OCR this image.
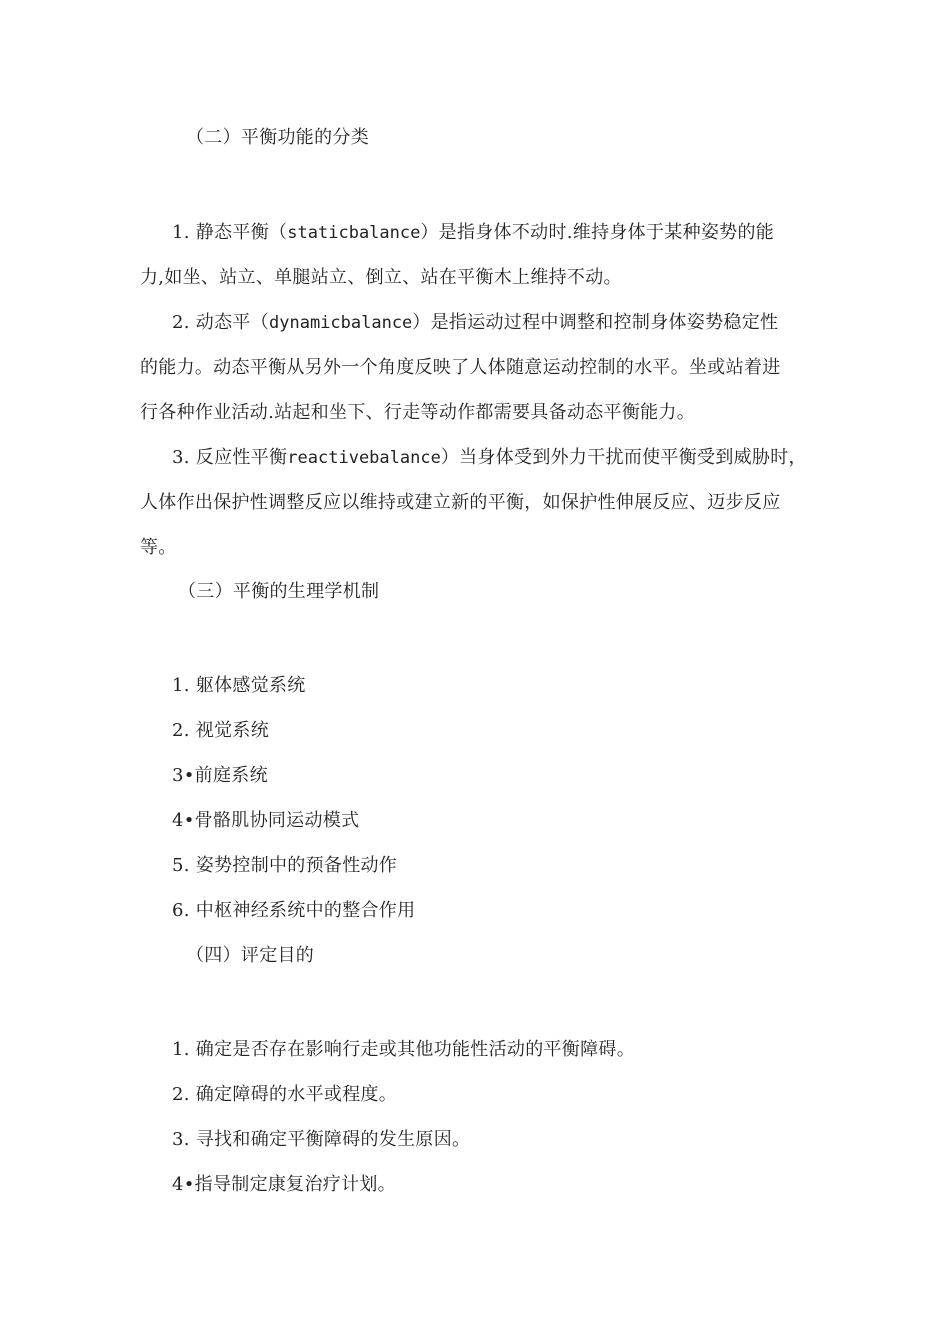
（二）平衡功能的分类
1. 静态平衡（staticbalance）是指身体不动时.维持身体于某种姿势的能
力,如坐、站立、单腿站立、倒立、站在平衡木上维持不动。
2. 动态平（dynamicbalance）是指运动过程中调整和控制身体姿势稳定性
的能力。动态平衡从另外一个角度反映了人体随意运动控制的水平。坐或站着进
行各种作业活动.站起和坐下、行走等动作都需要具备动态平衡能力。
3. 反应性平衡reactivebalance）当身体受到外力干扰而使平衡受到威胁时，
人体作出保护性调整反应以维持或建立新的平衡，如保护性伸展反应、迈步反应
等。
（三）平衡的生理学机制
1. 躯体感觉系统
2. 视觉系统
3•前庭系统
4•骨骼肌协同运动模式
5. 姿势控制中的预备性动作
6. 中枢神经系统中的整合作用
（四）评定目的
1. 确定是否存在影响行走或其他功能性活动的平衡障碍。
2. 确定障碍的水平或程度。
3. 寻找和确定平衡障碍的发生原因。
4•指导制定康复治疗计划。
